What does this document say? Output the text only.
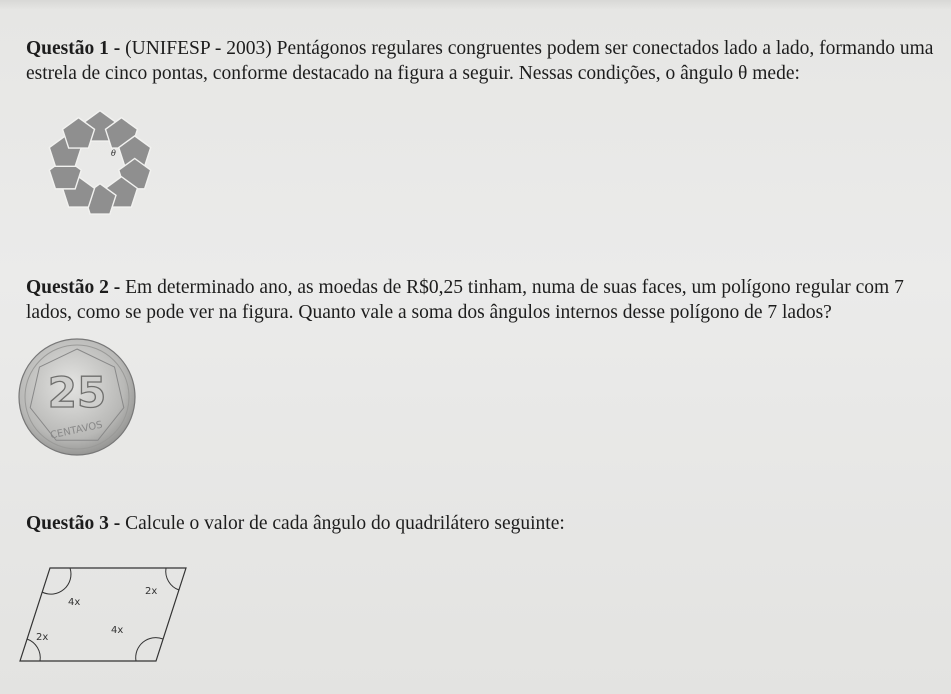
Questão 1 - (UNIFESP - 2003) Pentágonos regulares congruentes podem ser conectados lado a lado, formando uma estrela de cinco pontas, conforme destacado na figura a seguir. Nessas condições, o ângulo θ mede:
θ
Questão 2 - Em determinado ano, as moedas de R$0,25 tinham, numa de suas faces, um polígono regular com 7 lados, como se pode ver na figura. Quanto vale a soma dos ângulos internos desse polígono de 7 lados?
25
CENTAVOS
Questão 3 - Calcule o valor de cada ângulo do quadrilátero seguinte:
4x
2x
2x
4x
